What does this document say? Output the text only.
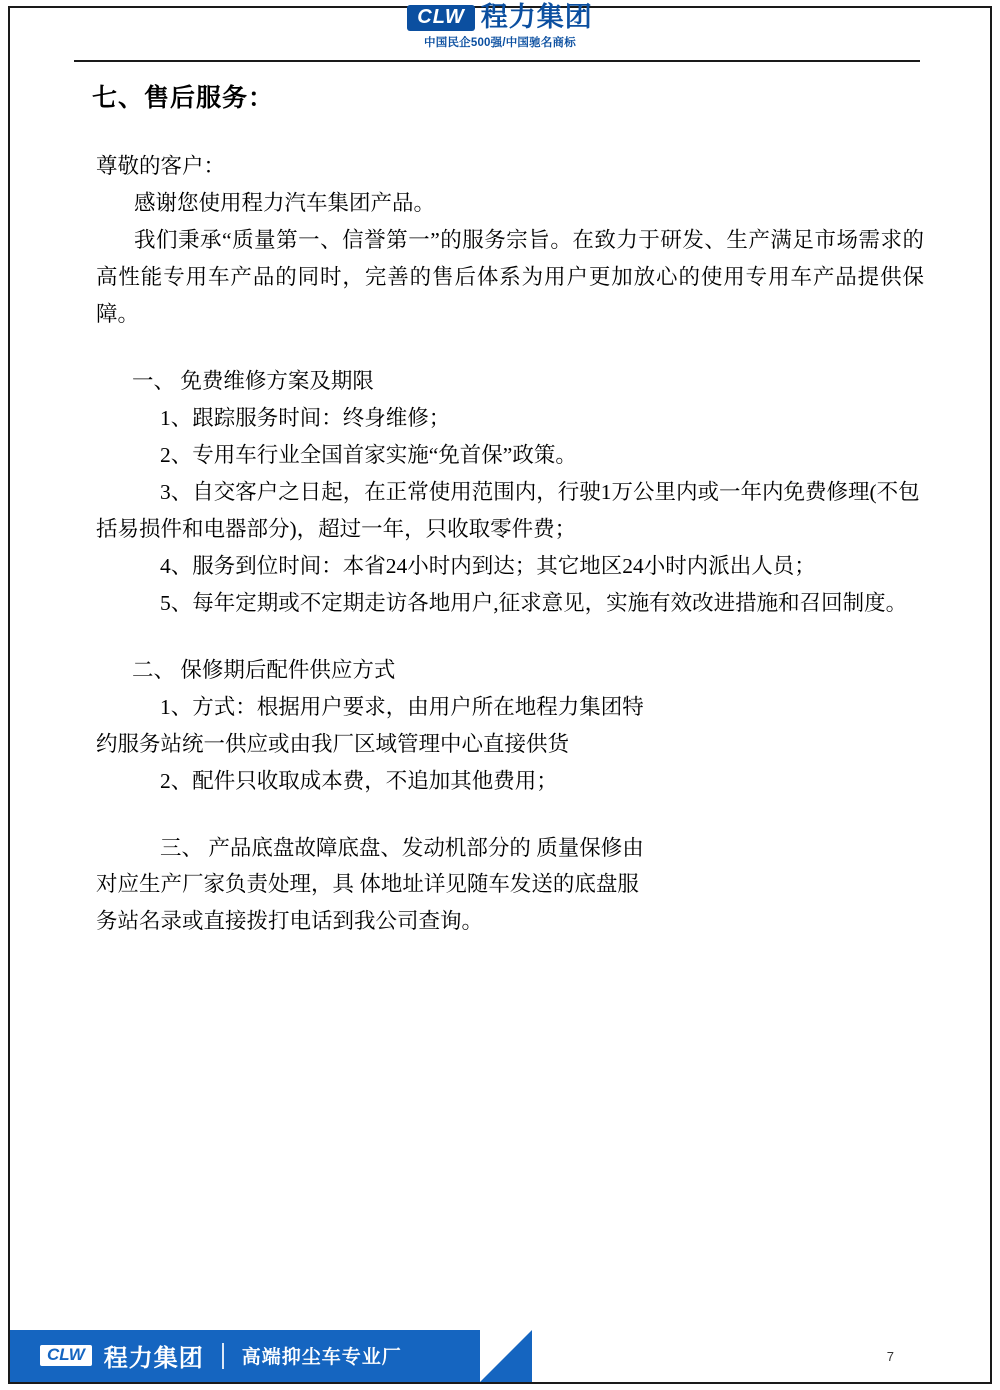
CLW 程力集团
中国民企500强/中国驰名商标
七、售后服务：

尊敬的客户：

感谢您使用程力汽车集团产品。

我们秉承“质量第一、信誉第一”的服务宗旨。在致力于研发、生产满足市场需求的高性能专用车产品的同时，完善的售后体系为用户更加放心的使用专用车产品提供保障。

一、 免费维修方案及期限
1、跟踪服务时间：终身维修；
2、专用车行业全国首家实施“免首保”政策。
3、自交客户之日起，在正常使用范围内，行驶1万公里内或一年内免费修理(不包括易损件和电器部分)，超过一年，只收取零件费；
4、服务到位时间：本省24小时内到达；其它地区24小时内派出人员；
5、每年定期或不定期走访各地用户,征求意见，实施有效改进措施和召回制度。
二、 保修期后配件供应方式
1、方式：根据用户要求，由用户所在地程力集团特约服务站统一供应或由我厂区域管理中心直接供货
2、配件只收取成本费，不追加其他费用；
三、 产品底盘故障底盘、发动机部分的 质量保修由对应生产厂家负责处理，具 体地址详见随车发送的底盘服务站名录或直接拨打电话到我公司查询。
CLW 程力集团 高端抑尘车专业厂	7
